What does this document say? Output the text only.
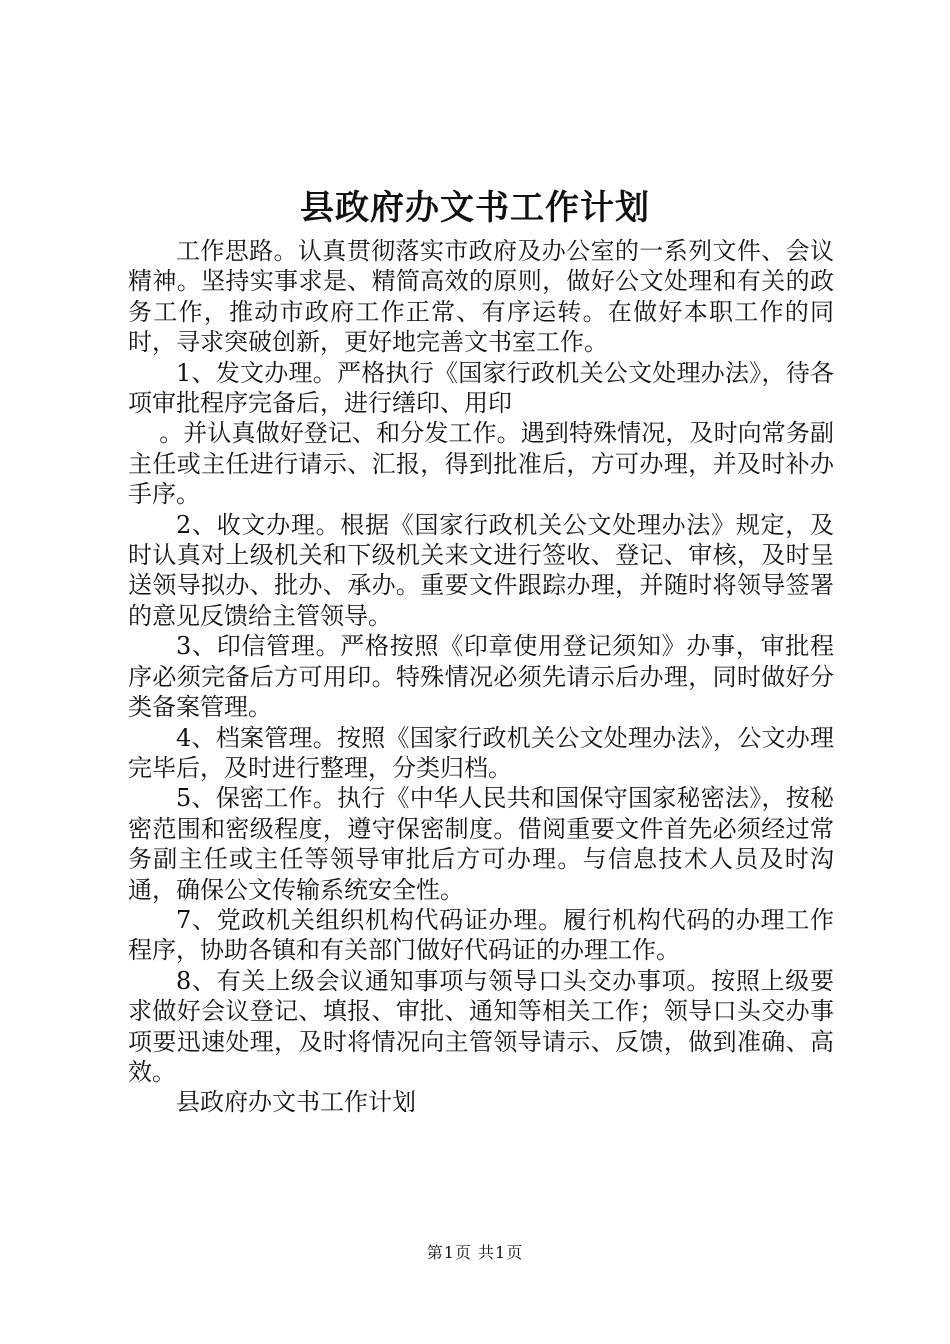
县政府办文书工作计划

工作思路。认真贯彻落实市政府及办公室的一系列文件、会议精神。坚持实事求是、精简高效的原则，做好公文处理和有关的政务工作，推动市政府工作正常、有序运转。在做好本职工作的同时，寻求突破创新，更好地完善文书室工作。

1、发文办理。严格执行《国家行政机关公文处理办法》，待各项审批程序完备后，进行缮印、用印

。并认真做好登记、和分发工作。遇到特殊情况，及时向常务副主任或主任进行请示、汇报，得到批准后，方可办理，并及时补办手序。

2、收文办理。根据《国家行政机关公文处理办法》规定，及时认真对上级机关和下级机关来文进行签收、登记、审核，及时呈送领导拟办、批办、承办。重要文件跟踪办理，并随时将领导签署的意见反馈给主管领导。

3、印信管理。严格按照《印章使用登记须知》办事，审批程序必须完备后方可用印。特殊情况必须先请示后办理，同时做好分类备案管理。

4、档案管理。按照《国家行政机关公文处理办法》，公文办理完毕后，及时进行整理，分类归档。

5、保密工作。执行《中华人民共和国保守国家秘密法》，按秘密范围和密级程度，遵守保密制度。借阅重要文件首先必须经过常务副主任或主任等领导审批后方可办理。与信息技术人员及时沟通，确保公文传输系统安全性。

7、党政机关组织机构代码证办理。履行机构代码的办理工作程序，协助各镇和有关部门做好代码证的办理工作。

8、有关上级会议通知事项与领导口头交办事项。按照上级要求做好会议登记、填报、审批、通知等相关工作；领导口头交办事项要迅速处理，及时将情况向主管领导请示、反馈，做到准确、高效。

县政府办文书工作计划

第1页 共1页
